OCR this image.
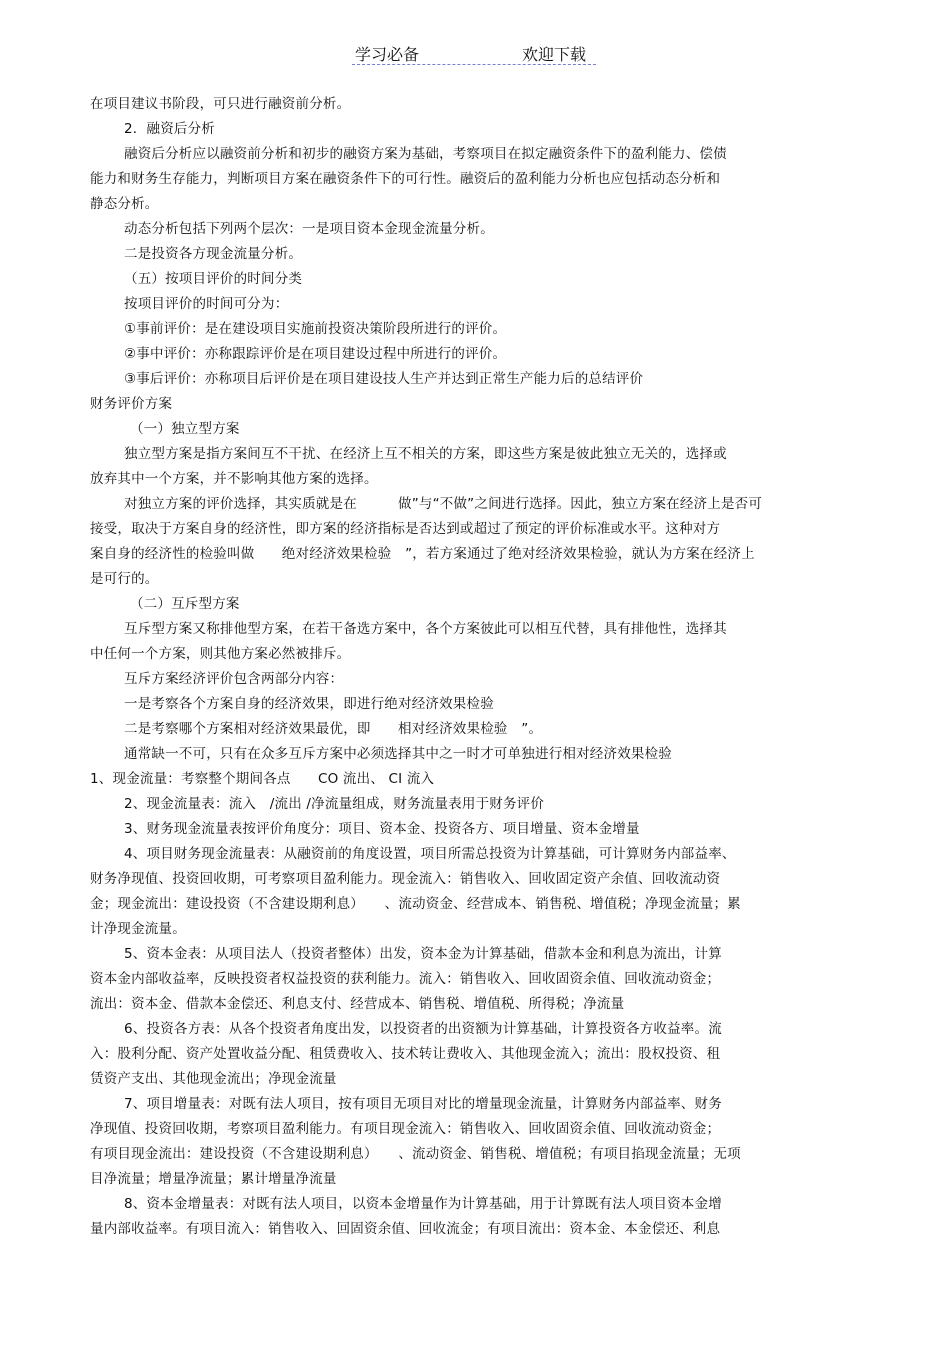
学习必备	欢迎下载
在项目建议书阶段，可只进行融资前分析。
2．融资后分析
融资后分析应以融资前分析和初步的融资方案为基础，考察项目在拟定融资条件下的盈利能力、偿债
能力和财务生存能力，判断项目方案在融资条件下的可行性。融资后的盈利能力分析也应包括动态分析和
静态分析。
动态分析包括下列两个层次：一是项目资本金现金流量分析。
二是投资各方现金流量分析。
（五）按项目评价的时间分类
按项目评价的时间可分为：
①事前评价：是在建设项目实施前投资决策阶段所进行的评价。
②事中评价：亦称跟踪评价是在项目建设过程中所进行的评价。
③事后评价：亦称项目后评价是在项目建设技人生产并达到正常生产能力后的总结评价
财务评价方案
（一）独立型方案
独立型方案是指方案间互不干扰、在经济上互不相关的方案，即这些方案是彼此独立无关的，选择或
放弃其中一个方案，并不影响其他方案的选择。
对独立方案的评价选择，其实质就是在　　　做”与“不做”之间进行选择。因此，独立方案在经济上是否可
接受，取决于方案自身的经济性，即方案的经济指标是否达到或超过了预定的评价标准或水平。这种对方
案自身的经济性的检验叫做　　绝对经济效果检验　”，若方案通过了绝对经济效果检验，就认为方案在经济上
是可行的。
（二）互斥型方案
互斥型方案又称排他型方案，在若干备选方案中，各个方案彼此可以相互代替，具有排他性，选择其
中任何一个方案，则其他方案必然被排斥。
互斥方案经济评价包含两部分内容：
一是考察各个方案自身的经济效果，即进行绝对经济效果检验
二是考察哪个方案相对经济效果最优，即　　相对经济效果检验　”。
通常缺一不可，只有在众多互斥方案中必须选择其中之一时才可单独进行相对经济效果检验
1、现金流量：考察整个期间各点　　CO 流出、 CI 流入
2、现金流量表：流入　/流出 /净流量组成，财务流量表用于财务评价
3、财务现金流量表按评价角度分：项目、资本金、投资各方、项目增量、资本金增量
4、项目财务现金流量表：从融资前的角度设置，项目所需总投资为计算基础，可计算财务内部益率、
财务净现值、投资回收期，可考察项目盈利能力。现金流入：销售收入、回收固定资产余值、回收流动资
金；现金流出：建设投资（不含建设期利息）　　、流动资金、经营成本、销售税、增值税；净现金流量；累
计净现金流量。
5、资本金表：从项目法人（投资者整体）出发，资本金为计算基础，借款本金和利息为流出，计算
资本金内部收益率，反映投资者权益投资的获利能力。流入：销售收入、回收固资余值、回收流动资金；
流出：资本金、借款本金偿还、利息支付、经营成本、销售税、增值税、所得税；净流量
6、投资各方表：从各个投资者角度出发，以投资者的出资额为计算基础，计算投资各方收益率。流
入：股利分配、资产处置收益分配、租赁费收入、技术转让费收入、其他现金流入；流出：股权投资、租
赁资产支出、其他现金流出；净现金流量
7、项目增量表：对既有法人项目，按有项目无项目对比的增量现金流量，计算财务内部益率、财务
净现值、投资回收期，考察项目盈利能力。有项目现金流入：销售收入、回收固资余值、回收流动资金；
有项目现金流出：建设投资（不含建设期利息）　　、流动资金、销售税、增值税；有项目掐现金流量；无项
目净流量；增量净流量；累计增量净流量
8、资本金增量表：对既有法人项目，以资本金增量作为计算基础，用于计算既有法人项目资本金增
量内部收益率。有项目流入：销售收入、回固资余值、回收流金；有项目流出：资本金、本金偿还、利息
